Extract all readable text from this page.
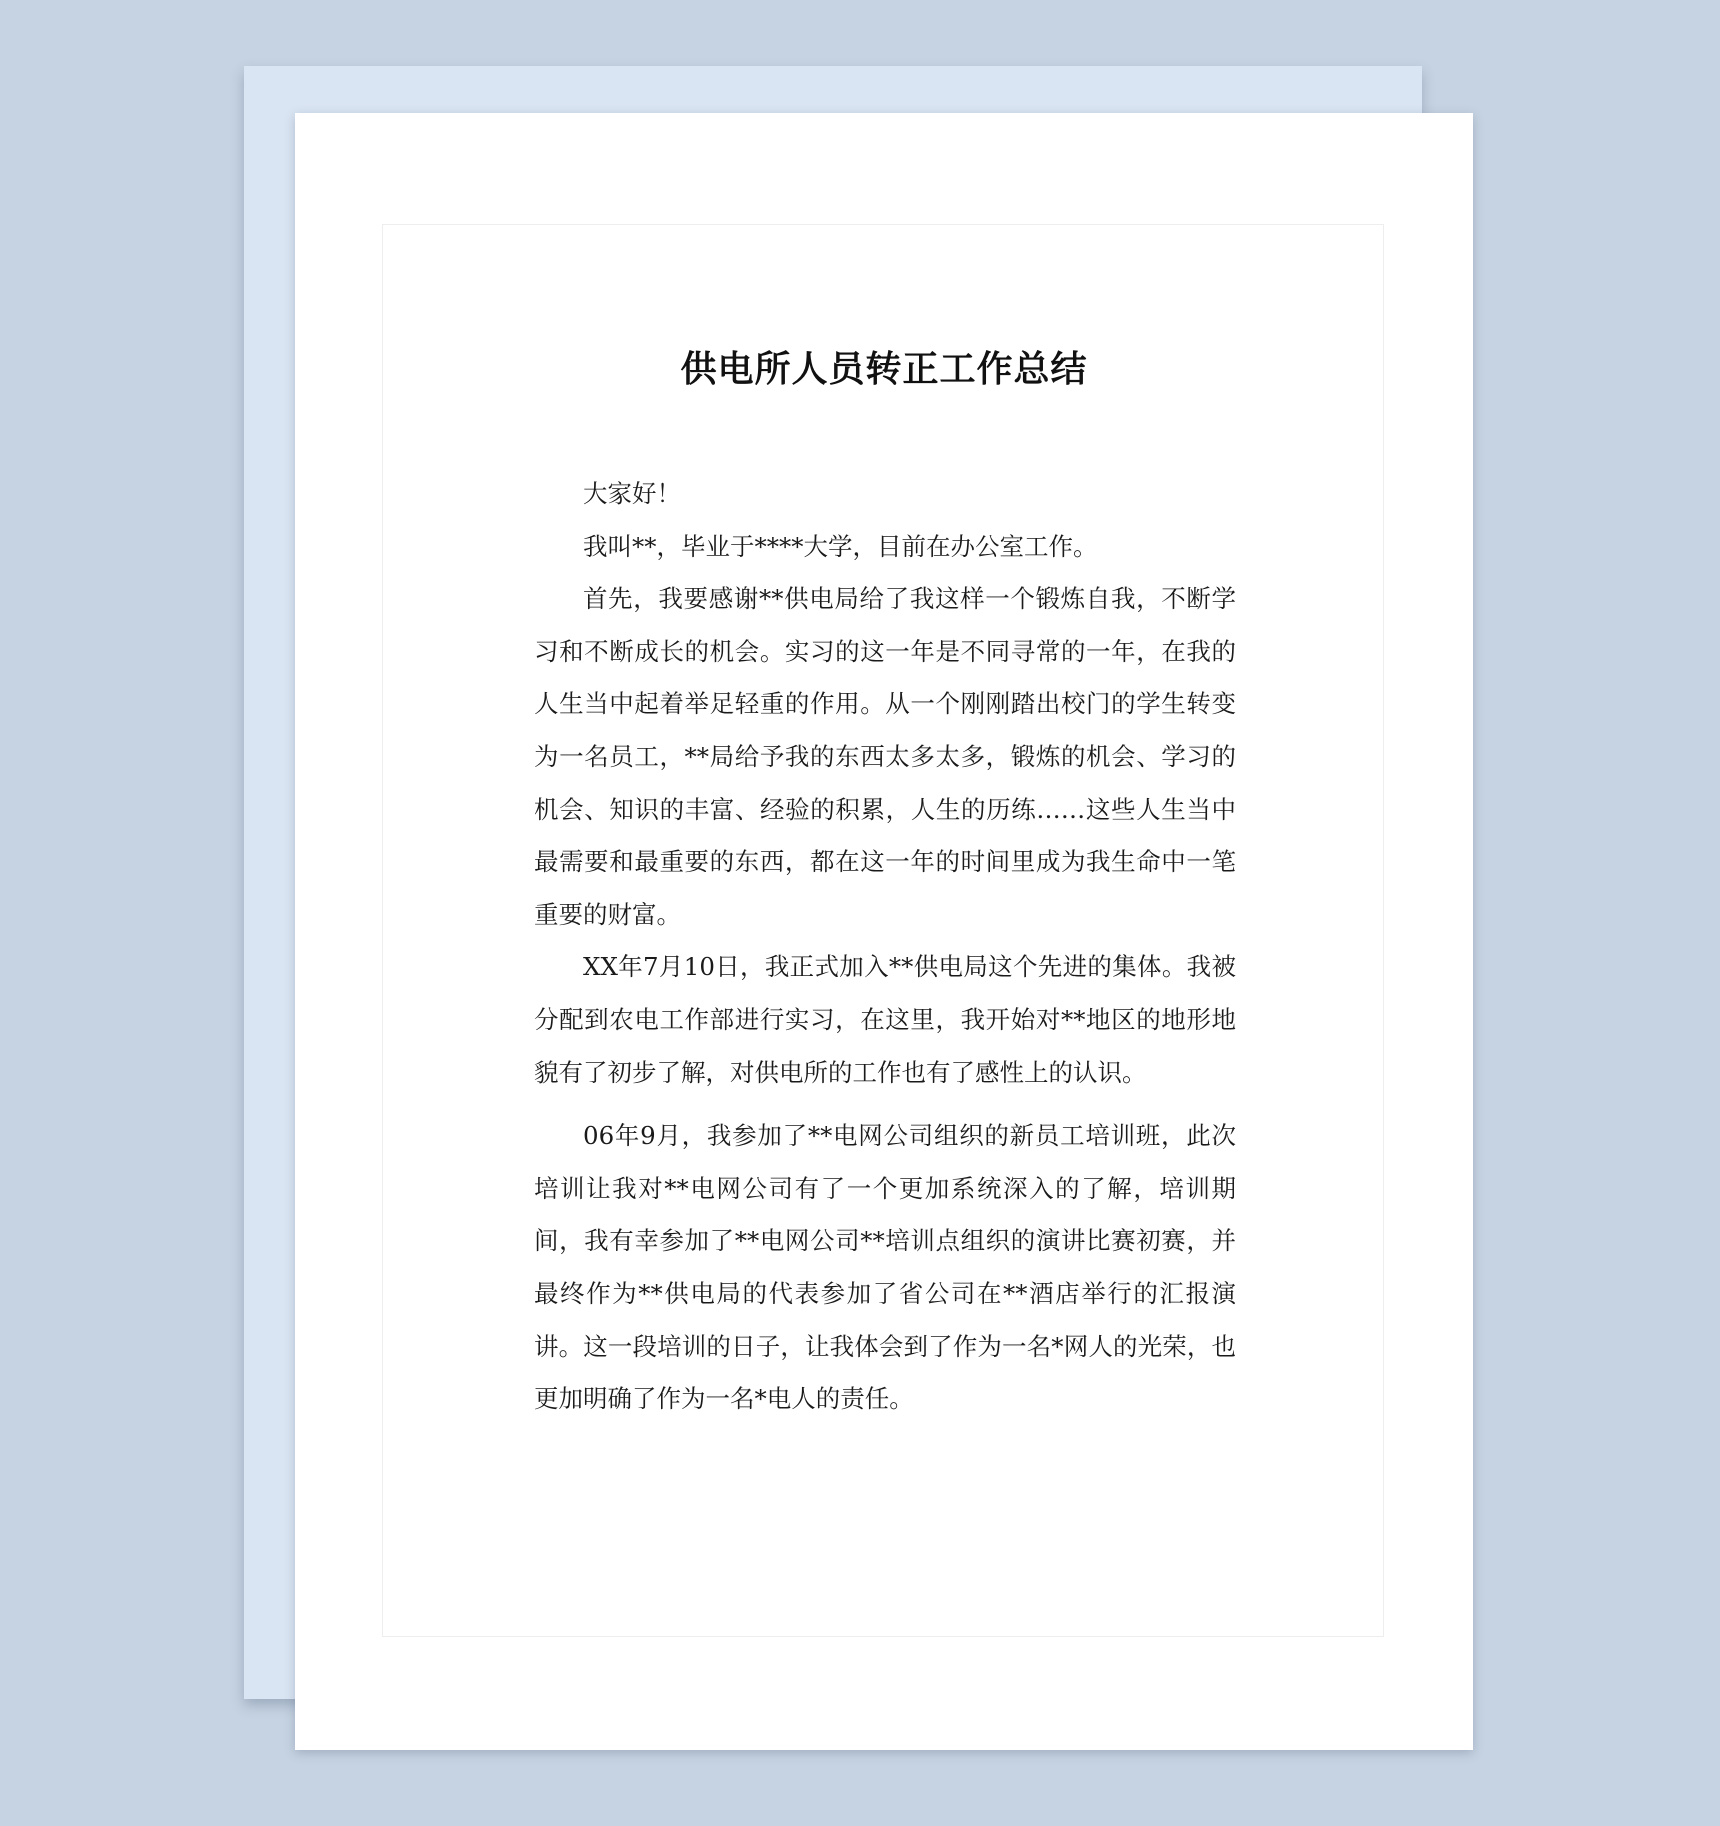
供电所人员转正工作总结

大家好！

我叫**，毕业于****大学，目前在办公室工作。

首先，我要感谢**供电局给了我这样一个锻炼自我，不断学习和不断成长的机会。实习的这一年是不同寻常的一年，在我的人生当中起着举足轻重的作用。从一个刚刚踏出校门的学生转变为一名员工，**局给予我的东西太多太多，锻炼的机会、学习的机会、知识的丰富、经验的积累，人生的历练……这些人生当中最需要和最重要的东西，都在这一年的时间里成为我生命中一笔重要的财富。

XX年7月10日，我正式加入**供电局这个先进的集体。我被分配到农电工作部进行实习，在这里，我开始对**地区的地形地貌有了初步了解，对供电所的工作也有了感性上的认识。

06年9月，我参加了**电网公司组织的新员工培训班，此次培训让我对**电网公司有了一个更加系统深入的了解，培训期间，我有幸参加了**电网公司**培训点组织的演讲比赛初赛，并最终作为**供电局的代表参加了省公司在**酒店举行的汇报演讲。这一段培训的日子，让我体会到了作为一名*网人的光荣，也更加明确了作为一名*电人的责任。
